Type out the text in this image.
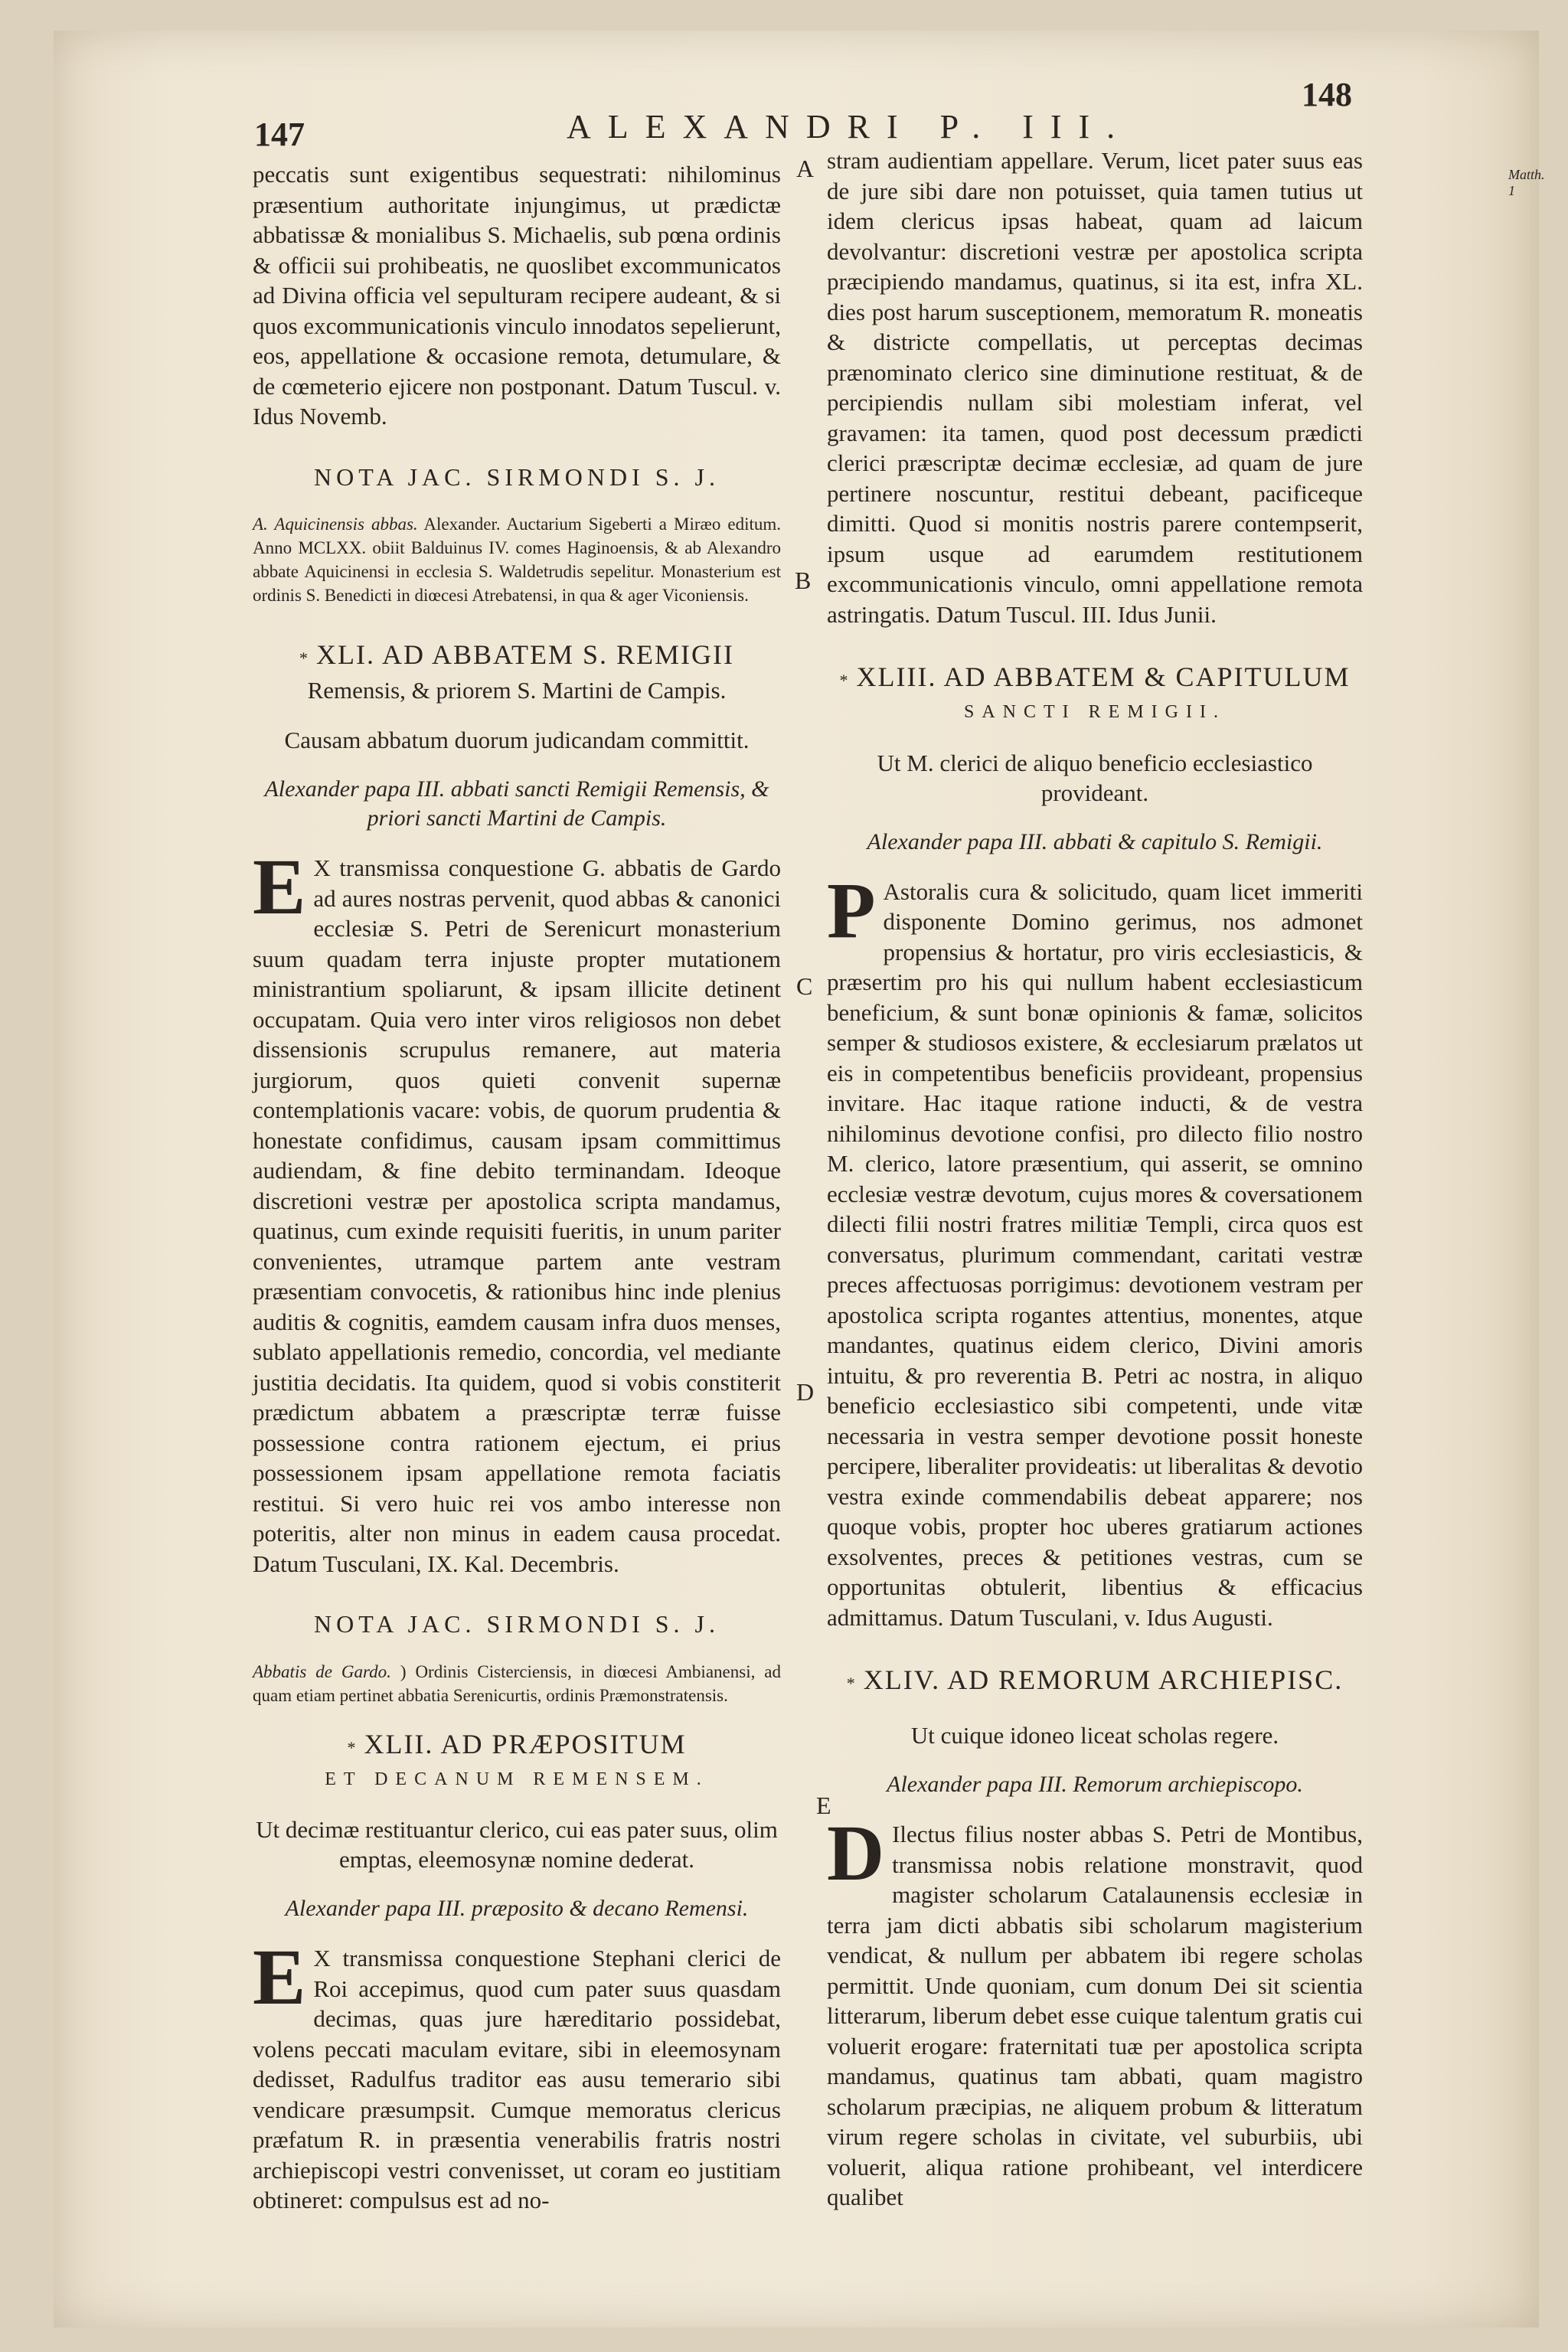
147	ALEXANDRI P. III.
148
Matth. 1
A
B
C
D
E

peccatis sunt exigentibus sequestrati: nihilominus præsentium authoritate injungimus, ut prædictæ abbatissæ & monialibus S. Michaelis, sub pœna ordinis & officii sui prohibeatis, ne quoslibet excommunicatos ad Divina officia vel sepulturam recipere audeant, & si quos excommunicationis vinculo innodatos sepelierunt, eos, appellatione & occasione remota, detumulare, & de cœmeterio ejicere non postponant. Datum Tuscul. v. Idus Novemb.

NOTA JAC. SIRMONDI S. J.

A. Aquicinensis abbas. Alexander. Auctarium Sigeberti a Miræo editum. Anno MCLXX. obiit Balduinus IV. comes Haginoensis, & ab Alexandro abbate Aquicinensi in ecclesia S. Waldetrudis sepelitur. Monasterium est ordinis S. Benedicti in diœcesi Atrebatensi, in qua & ager Viconiensis.

* XLI. AD ABBATEM S. REMIGII

Remensis, & priorem S. Martini de Campis.

Causam abbatum duorum judicandam committit.

Alexander papa III. abbati sancti Remigii Remensis, & priori sancti Martini de Campis.

E X transmissa conquestione G. abbatis de Gardo ad aures nostras pervenit, quod abbas & canonici ecclesiæ S. Petri de Serenicurt monasterium suum quadam terra injuste propter mutationem ministrantium spoliarunt, & ipsam illicite detinent occupatam. Quia vero inter viros religiosos non debet dissensionis scrupulus remanere, aut materia jurgiorum, quos quieti convenit supernæ contemplationis vacare: vobis, de quorum prudentia & honestate confidimus, causam ipsam committimus audiendam, & fine debito terminandam. Ideoque discretioni vestræ per apostolica scripta mandamus, quatinus, cum exinde requisiti fueritis, in unum pariter convenientes, utramque partem ante vestram præsentiam convocetis, & rationibus hinc inde plenius auditis & cognitis, eamdem causam infra duos menses, sublato appellationis remedio, concordia, vel mediante justitia decidatis. Ita quidem, quod si vobis constiterit prædictum abbatem a præscriptæ terræ fuisse possessione contra rationem ejectum, ei prius possessionem ipsam appellatione remota faciatis restitui. Si vero huic rei vos ambo interesse non poteritis, alter non minus in eadem causa procedat. Datum Tusculani, IX. Kal. Decembris.

NOTA JAC. SIRMONDI S. J.

Abbatis de Gardo. ) Ordinis Cisterciensis, in diœcesi Ambianensi, ad quam etiam pertinet abbatia Serenicurtis, ordinis Præmonstratensis.

* XLII. AD PRÆPOSITUM

ET DECANUM REMENSEM.

Ut decimæ restituantur clerico, cui eas pater suus, olim emptas, eleemosynæ nomine dederat.

Alexander papa III. præposito & decano Remensi.

E X transmissa conquestione Stephani clerici de Roi accepimus, quod cum pater suus quasdam decimas, quas jure hæreditario possidebat, volens peccati maculam evitare, sibi in eleemosynam dedisset, Radulfus traditor eas ausu temerario sibi vendicare præsumpsit. Cumque memoratus clericus præfatum R. in præsentia venerabilis fratris nostri archiepiscopi vestri convenisset, ut coram eo justitiam obtineret: compulsus est ad no-

stram audientiam appellare. Verum, licet pater suus eas de jure sibi dare non potuisset, quia tamen tutius ut idem clericus ipsas habeat, quam ad laicum devolvantur: discretioni vestræ per apostolica scripta præcipiendo mandamus, quatinus, si ita est, infra XL. dies post harum susceptionem, memoratum R. moneatis & districte compellatis, ut perceptas decimas prænominato clerico sine diminutione restituat, & de percipiendis nullam sibi molestiam inferat, vel gravamen: ita tamen, quod post decessum prædicti clerici præscriptæ decimæ ecclesiæ, ad quam de jure pertinere noscuntur, restitui debeant, pacificeque dimitti. Quod si monitis nostris parere contempserit, ipsum usque ad earumdem restitutionem excommunicationis vinculo, omni appellatione remota astringatis. Datum Tuscul. III. Idus Junii.

* XLIII. AD ABBATEM & CAPITULUM

SANCTI REMIGII.

Ut M. clerici de aliquo beneficio ecclesiastico provideant.

Alexander papa III. abbati & capitulo S. Remigii.

P Astoralis cura & solicitudo, quam licet immeriti disponente Domino gerimus, nos admonet propensius & hortatur, pro viris ecclesiasticis, & præsertim pro his qui nullum habent ecclesiasticum beneficium, & sunt bonæ opinionis & famæ, solicitos semper & studiosos existere, & ecclesiarum prælatos ut eis in competentibus beneficiis provideant, propensius invitare. Hac itaque ratione inducti, & de vestra nihilominus devotione confisi, pro dilecto filio nostro M. clerico, latore præsentium, qui asserit, se omnino ecclesiæ vestræ devotum, cujus mores & coversationem dilecti filii nostri fratres militiæ Templi, circa quos est conversatus, plurimum commendant, caritati vestræ preces affectuosas porrigimus: devotionem vestram per apostolica scripta rogantes attentius, monentes, atque mandantes, quatinus eidem clerico, Divini amoris intuitu, & pro reverentia B. Petri ac nostra, in aliquo beneficio ecclesiastico sibi competenti, unde vitæ necessaria in vestra semper devotione possit honeste percipere, liberaliter provideatis: ut liberalitas & devotio vestra exinde commendabilis debeat apparere; nos quoque vobis, propter hoc uberes gratiarum actiones exsolventes, preces & petitiones vestras, cum se opportunitas obtulerit, libentius & efficacius admittamus. Datum Tusculani, v. Idus Augusti.

* XLIV. AD REMORUM ARCHIEPISC.

Ut cuique idoneo liceat scholas regere.

Alexander papa III. Remorum archiepiscopo.

D Ilectus filius noster abbas S. Petri de Montibus, transmissa nobis relatione monstravit, quod magister scholarum Catalaunensis ecclesiæ in terra jam dicti abbatis sibi scholarum magisterium vendicat, & nullum per abbatem ibi regere scholas permittit. Unde quoniam, cum donum Dei sit scientia litterarum, liberum debet esse cuique talentum gratis cui voluerit erogare: fraternitati tuæ per apostolica scripta mandamus, quatinus tam abbati, quam magistro scholarum præcipias, ne aliquem probum & litteratum virum regere scholas in civitate, vel suburbiis, ubi voluerit, aliqua ratione prohibeant, vel interdicere qualibet
